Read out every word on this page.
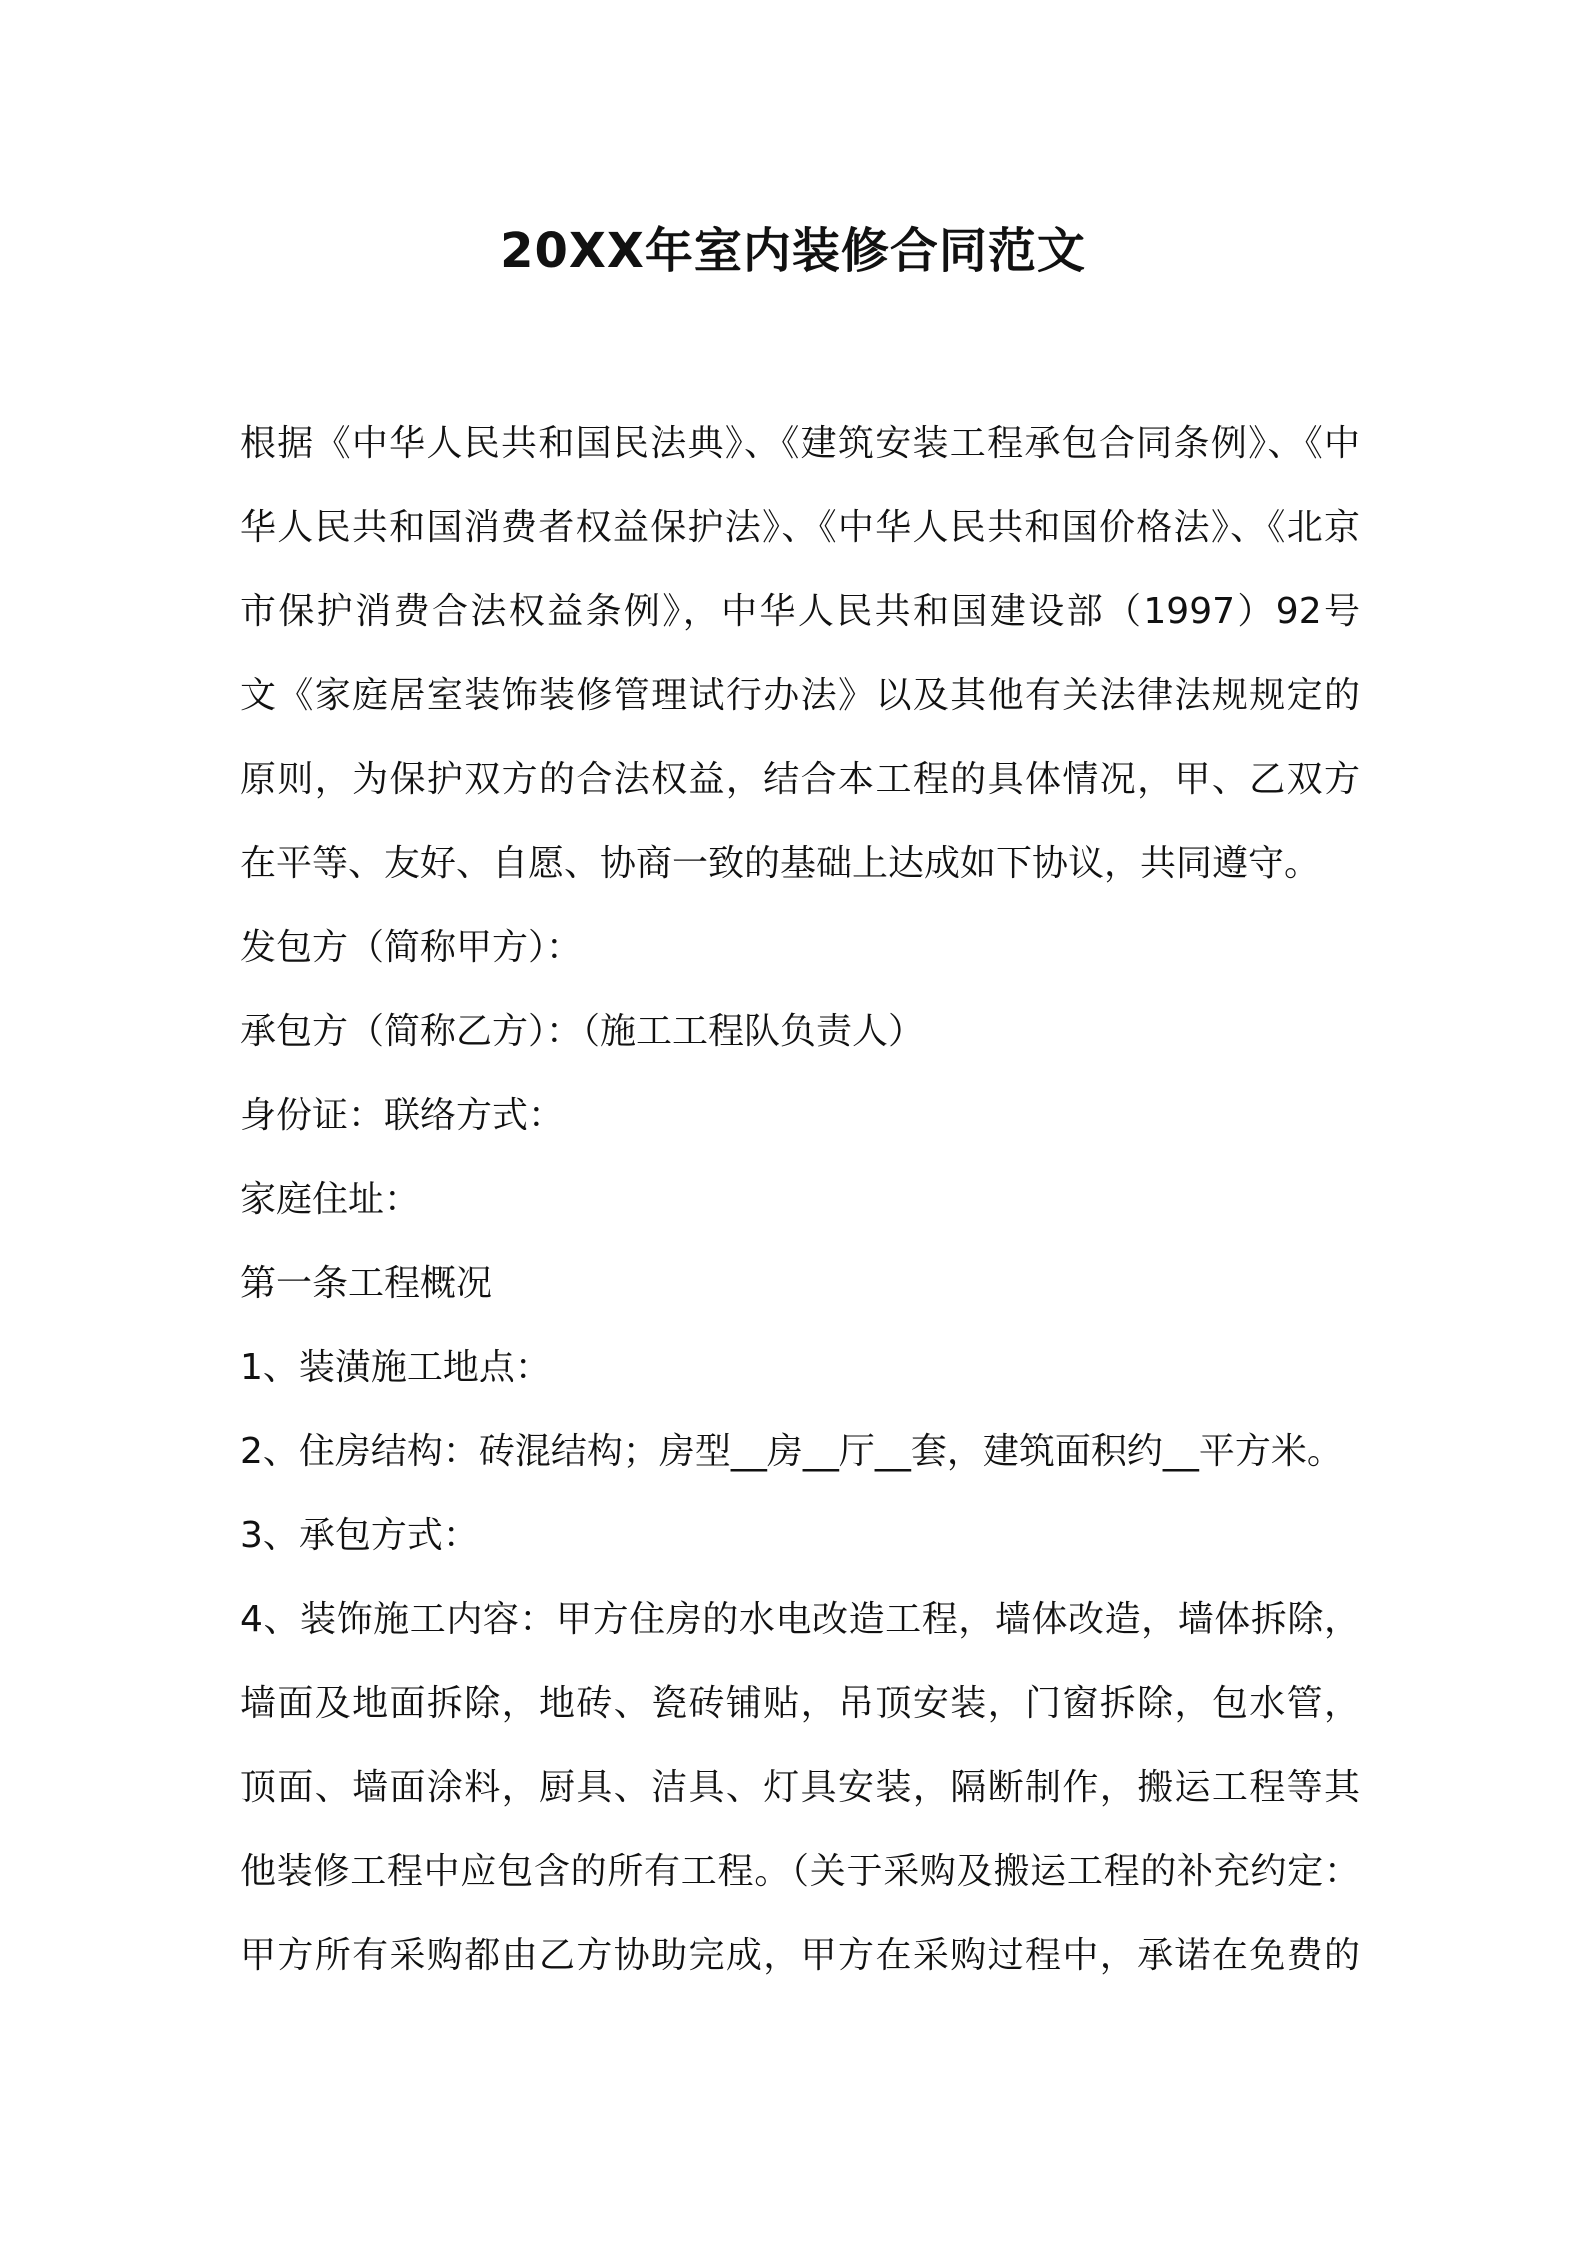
20XX年室内装修合同范文
根据《中华人民共和国民法典》、《建筑安装工程承包合同条例》、《中
华人民共和国消费者权益保护法》、《中华人民共和国价格法》、《北京
市保护消费合法权益条例》，中华人民共和国建设部（1997）92号
文《家庭居室装饰装修管理试行办法》以及其他有关法律法规规定的
原则，为保护双方的合法权益，结合本工程的具体情况，甲、乙双方
在平等、友好、自愿、协商一致的基础上达成如下协议，共同遵守。
发包方（简称甲方）：
承包方（简称乙方）：（施工工程队负责人）
身份证：联络方式：
家庭住址：
第一条工程概况
1、装潢施工地点：
2、住房结构：砖混结构；房型__房__厅__套，建筑面积约__平方米。
3、承包方式：
4、装饰施工内容：甲方住房的水电改造工程，墙体改造，墙体拆除，
墙面及地面拆除，地砖、瓷砖铺贴，吊顶安装，门窗拆除，包水管，
顶面、墙面涂料，厨具、洁具、灯具安装，隔断制作，搬运工程等其
他装修工程中应包含的所有工程。（关于采购及搬运工程的补充约定：
甲方所有采购都由乙方协助完成，甲方在采购过程中，承诺在免费的
